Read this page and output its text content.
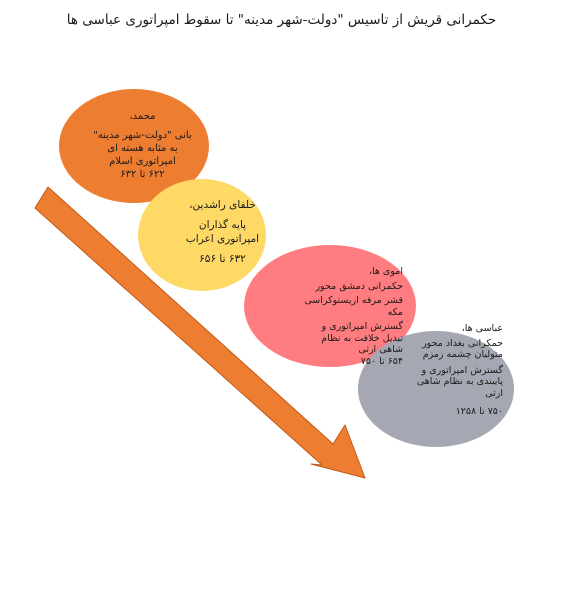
حکمرانی قریش از تاسیس "دولت-شهر مدینه" تا سقوط امپراتوری عباسی ها
محمد،
بانی "دولت-شهر مدینه"
به مثابه هسته ای
امپراتوری اسلام
۶۲۲ تا ۶۳۲
خلفای راشدین،
پایه گذاران
امپراتوری اعراب
۶۳۲ تا ۶۵۶
اموی ها،
حکمرانی دمشق محور
قشر مرفه اریستوکراسی
مکه
گسترش امپراتوری و
تبدیل خلافت به نظام
شاهی ارثی
۶۵۴ تا ۷۵۰
عباسی ها،
حمکرانی بغداد محور
متولیان چشمه زمزم
گسترش امپراتوری و
پایبندی به نظام شاهی
ارثی
۷۵۰ تا ۱۲۵۸
